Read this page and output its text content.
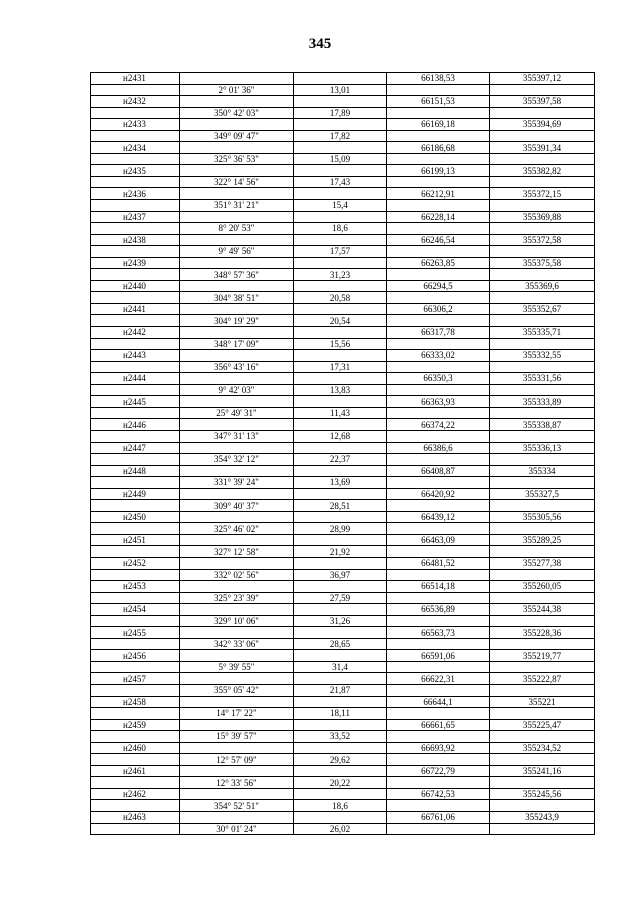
345
н2431			66138,53	355397,12
	2° 01' 36"	13,01		
н2432			66151,53	355397,58
	350° 42' 03"	17,89		
н2433			66169,18	355394,69
	349° 09' 47"	17,82		
н2434			66186,68	355391,34
	325° 36' 53"	15,09		
н2435			66199,13	355382,82
	322° 14' 56"	17,43		
н2436			66212,91	355372,15
	351° 31' 21"	15,4		
н2437			66228,14	355369,88
	8° 20' 53"	18,6		
н2438			66246,54	355372,58
	9° 49' 56"	17,57		
н2439			66263,85	355375,58
	348° 57' 36"	31,23		
н2440			66294,5	355369,6
	304° 38' 51"	20,58		
н2441			66306,2	355352,67
	304° 19' 29"	20,54		
н2442			66317,78	355335,71
	348° 17' 09"	15,56		
н2443			66333,02	355332,55
	356° 43' 16"	17,31		
н2444			66350,3	355331,56
	9° 42' 03"	13,83		
н2445			66363,93	355333,89
	25° 49' 31"	11,43		
н2446			66374,22	355338,87
	347° 31' 13"	12,68		
н2447			66386,6	355336,13
	354° 32' 12"	22,37		
н2448			66408,87	355334
	331° 39' 24"	13,69		
н2449			66420,92	355327,5
	309° 40' 37"	28,51		
н2450			66439,12	355305,56
	325° 46' 02"	28,99		
н2451			66463,09	355289,25
	327° 12' 58"	21,92		
н2452			66481,52	355277,38
	332° 02' 56"	36,97		
н2453			66514,18	355260,05
	325° 23' 39"	27,59		
н2454			66536,89	355244,38
	329° 10' 06"	31,26		
н2455			66563,73	355228,36
	342° 33' 06"	28,65		
н2456			66591,06	355219,77
	5° 39' 55"	31,4		
н2457			66622,31	355222,87
	355° 05' 42"	21,87		
н2458			66644,1	355221
	14° 17' 22"	18,11		
н2459			66661,65	355225,47
	15° 39' 57"	33,52		
н2460			66693,92	355234,52
	12° 57' 09"	29,62		
н2461			66722,79	355241,16
	12° 33' 56"	20,22		
н2462			66742,53	355245,56
	354° 52' 51"	18,6		
н2463			66761,06	355243,9
	30° 01' 24"	26,02		
